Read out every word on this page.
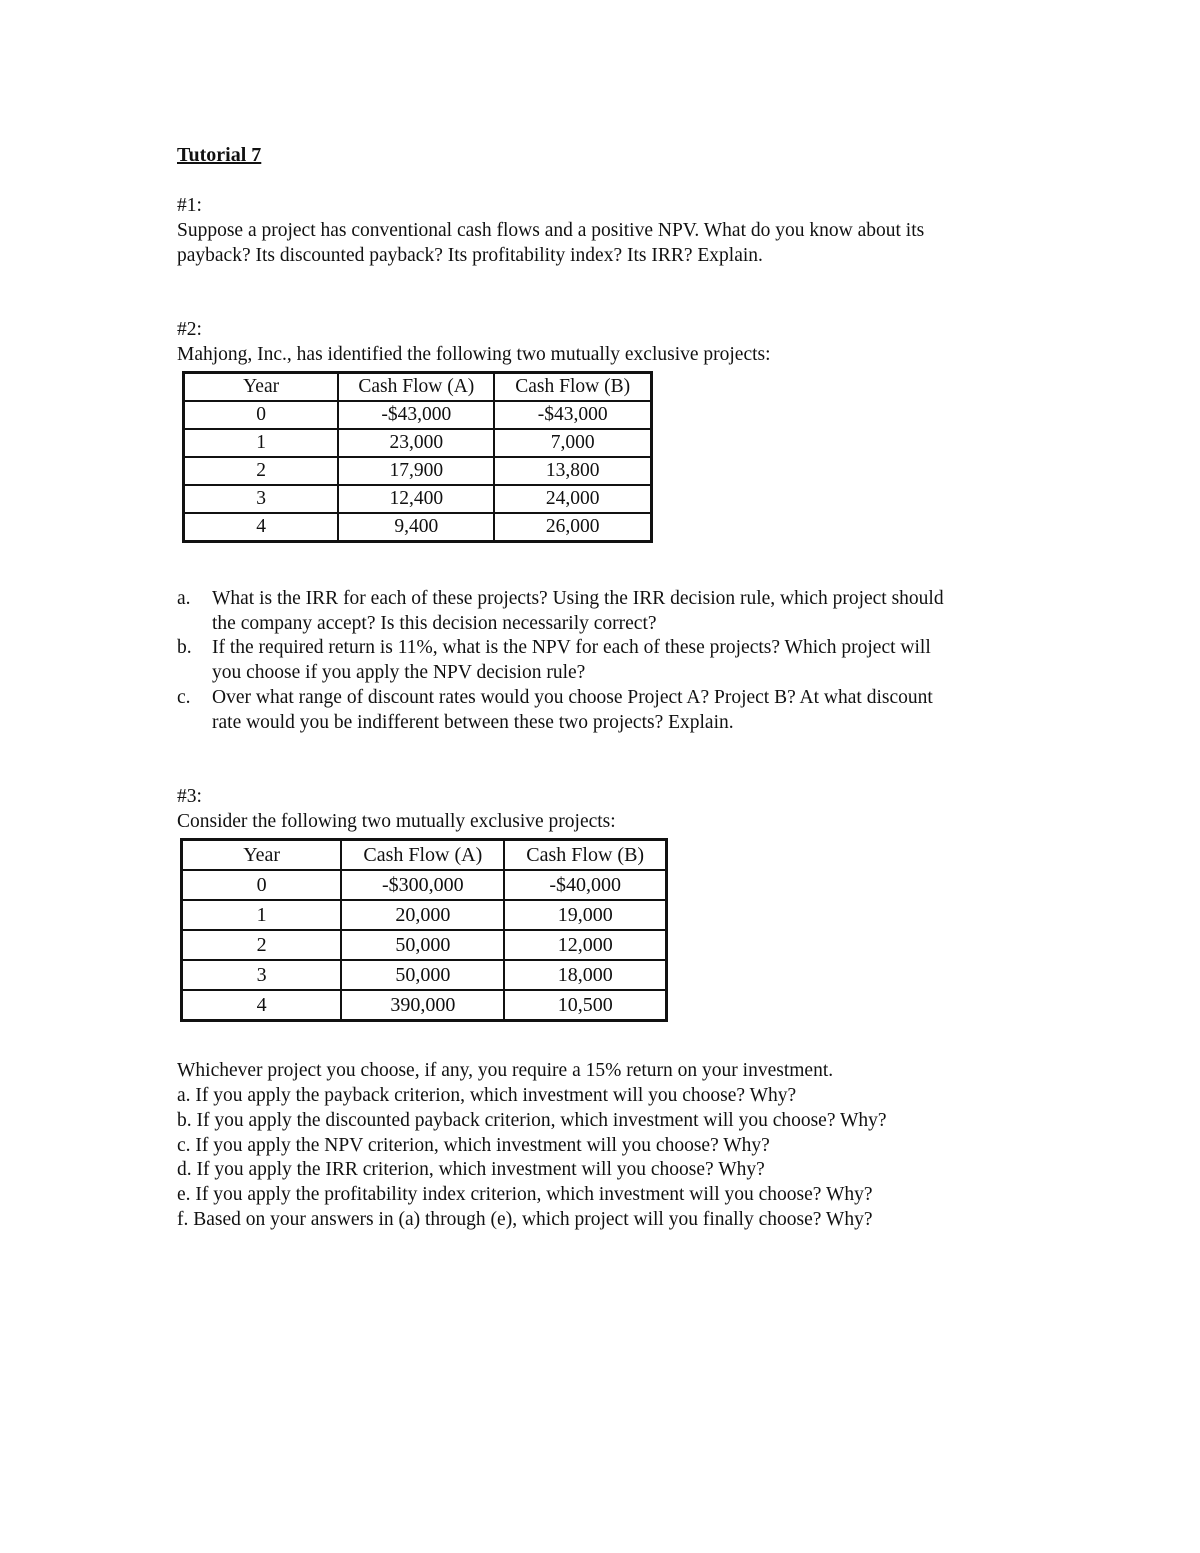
Tutorial 7
#1:
Suppose a project has conventional cash flows and a positive NPV. What do you know about its
payback? Its discounted payback? Its profitability index? Its IRR? Explain.
#2:
Mahjong, Inc., has identified the following two mutually exclusive projects:
Year	Cash Flow (A)	Cash Flow (B)
0	-$43,000	-$43,000
1	23,000	7,000
2	17,900	13,800
3	12,400	24,000
4	9,400	26,000
a. What is the IRR for each of these projects? Using the IRR decision rule, which project should
the company accept? Is this decision necessarily correct?
b. If the required return is 11%, what is the NPV for each of these projects? Which project will
you choose if you apply the NPV decision rule?
c. Over what range of discount rates would you choose Project A? Project B? At what discount
rate would you be indifferent between these two projects? Explain.
#3:
Consider the following two mutually exclusive projects:
Year	Cash Flow (A)	Cash Flow (B)
0	-$300,000	-$40,000
1	20,000	19,000
2	50,000	12,000
3	50,000	18,000
4	390,000	10,500
Whichever project you choose, if any, you require a 15% return on your investment.
a. If you apply the payback criterion, which investment will you choose? Why?
b. If you apply the discounted payback criterion, which investment will you choose? Why?
c. If you apply the NPV criterion, which investment will you choose? Why?
d. If you apply the IRR criterion, which investment will you choose? Why?
e. If you apply the profitability index criterion, which investment will you choose? Why?
f. Based on your answers in (a) through (e), which project will you finally choose? Why?
